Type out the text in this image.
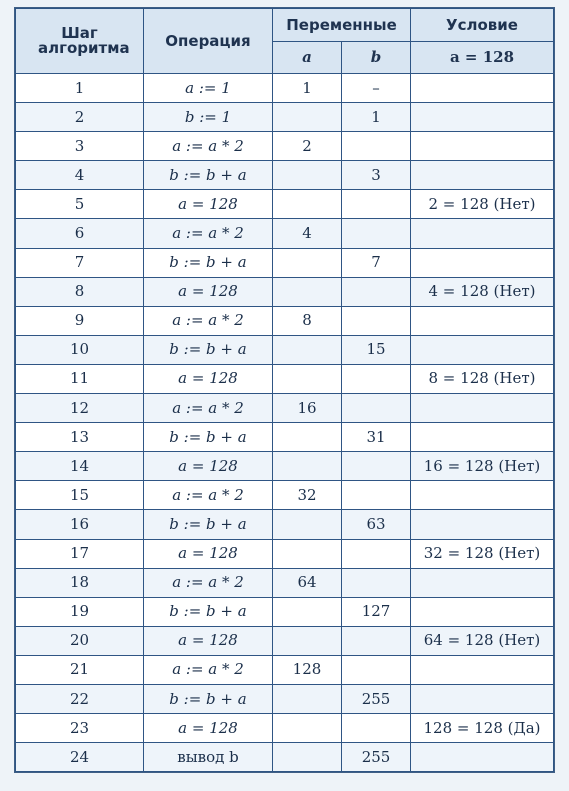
Шаг алгоритма	Операция	Переменные		Условие
		a	b	a = 128
1	a := 1	1	–	
2	b := 1		1	
3	a := a * 2	2		
4	b := b + a		3	
5	a = 128			2 = 128 (Нет)
6	a := a * 2	4		
7	b := b + a		7	
8	a = 128			4 = 128 (Нет)
9	a := a * 2	8		
10	b := b + a		15	
11	a = 128			8 = 128 (Нет)
12	a := a * 2	16		
13	b := b + a		31	
14	a = 128			16 = 128 (Нет)
15	a := a * 2	32		
16	b := b + a		63	
17	a = 128			32 = 128 (Нет)
18	a := a * 2	64		
19	b := b + a		127	
20	a = 128			64 = 128 (Нет)
21	a := a * 2	128		
22	b := b + a		255	
23	a = 128			128 = 128 (Да)
24	вывод b		255	
